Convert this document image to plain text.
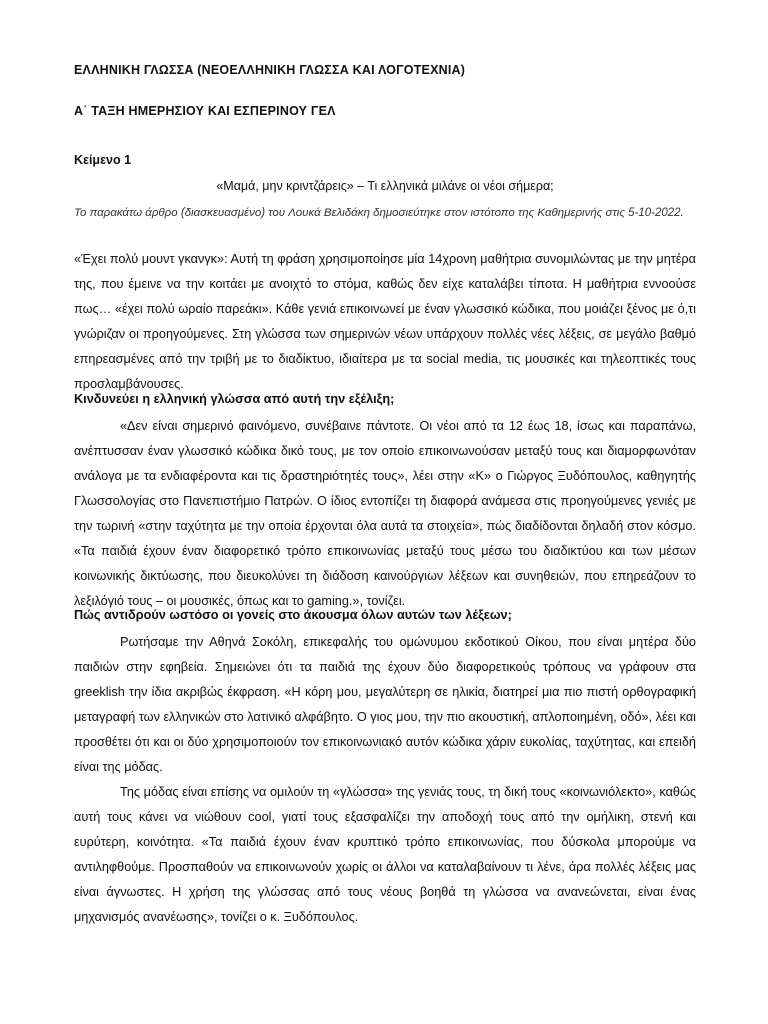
ΕΛΛΗΝΙΚΗ ΓΛΩΣΣΑ (ΝΕΟΕΛΛΗΝΙΚΗ ΓΛΩΣΣΑ ΚΑΙ ΛΟΓΟΤΕΧΝΙΑ)
Α΄ ΤΑΞΗ ΗΜΕΡΗΣΙΟΥ ΚΑΙ ΕΣΠΕΡΙΝΟΥ ΓΕΛ
Κείμενο 1
«Μαμά, μην κριντζάρεις» – Τι ελληνικά μιλάνε οι νέοι σήμερα;
Το παρακάτω άρθρο (διασκευασμένο) του Λουκά Βελιδάκη δημοσιεύτηκε στον ιστότοπο της Καθημερινής στις 5-10-2022.

«Έχει πολύ μουντ γκανγκ»: Αυτή τη φράση χρησιμοποίησε μία 14χρονη μαθήτρια συνομιλώντας με την μητέρα της, που έμεινε να την κοιτάει με ανοιχτό το στόμα, καθώς δεν είχε καταλάβει τίποτα. Η μαθήτρια εννοούσε πως… «έχει πολύ ωραίο παρεάκι». Κάθε γενιά επικοινωνεί με έναν γλωσσικό κώδικα, που μοιάζει ξένος με ό,τι γνώριζαν οι προηγούμενες. Στη γλώσσα των σημερινών νέων υπάρχουν πολλές νέες λέξεις, σε μεγάλο βαθμό επηρεασμένες από την τριβή με το διαδίκτυο, ιδιαίτερα με τα social media, τις μουσικές και τηλεοπτικές τους προσλαμβάνουσες.

Κινδυνεύει η ελληνική γλώσσα από αυτή την εξέλιξη;

«Δεν είναι σημερινό φαινόμενο, συνέβαινε πάντοτε. Οι νέοι από τα 12 έως 18, ίσως και παραπάνω, ανέπτυσσαν έναν γλωσσικό κώδικα δικό τους, με τον οποίο επικοινωνούσαν μεταξύ τους και διαμορφωνόταν ανάλογα με τα ενδιαφέροντα και τις δραστηριότητές τους», λέει στην «Κ» ο Γιώργος Ξυδόπουλος, καθηγητής Γλωσσολογίας στο Πανεπιστήμιο Πατρών. Ο ίδιος εντοπίζει τη διαφορά ανάμεσα στις προηγούμενες γενιές με την τωρινή «στην ταχύτητα με την οποία έρχονται όλα αυτά τα στοιχεία», πώς διαδίδονται δηλαδή στον κόσμο. «Τα παιδιά έχουν έναν διαφορετικό τρόπο επικοινωνίας μεταξύ τους μέσω του διαδικτύου και των μέσων κοινωνικής δικτύωσης, που διευκολύνει τη διάδοση καινούργιων λέξεων και συνηθειών, που επηρεάζουν το λεξιλόγιό τους – οι μουσικές, όπως και το gaming.», τονίζει.

Πώς αντιδρούν ωστόσο οι γονείς στο άκουσμα όλων αυτών των λέξεων;

Ρωτήσαμε την Αθηνά Σοκόλη, επικεφαλής του ομώνυμου εκδοτικού Οίκου, που είναι μητέρα δύο παιδιών στην εφηβεία. Σημειώνει ότι τα παιδιά της έχουν δύο διαφορετικούς τρόπους να γράφουν στα greeklish την ίδια ακριβώς έκφραση. «Η κόρη μου, μεγαλύτερη σε ηλικία, διατηρεί μια πιο πιστή ορθογραφική μεταγραφή των ελληνικών στο λατινικό αλφάβητο. Ο γιος μου, την πιο ακουστική, απλοποιημένη, οδό», λέει και προσθέτει ότι και οι δύο χρησιμοποιούν τον επικοινωνιακό αυτόν κώδικα χάριν ευκολίας, ταχύτητας, και επειδή είναι της μόδας.

Της μόδας είναι επίσης να ομιλούν τη «γλώσσα» της γενιάς τους, τη δική τους «κοινωνιόλεκτο», καθώς αυτή τους κάνει να νιώθουν cool, γιατί τους εξασφαλίζει την αποδοχή τους από την ομήλικη, στενή και ευρύτερη, κοινότητα. «Τα παιδιά έχουν έναν κρυπτικό τρόπο επικοινωνίας, που δύσκολα μπορούμε να αντιληφθούμε. Προσπαθούν να επικοινωνούν χωρίς οι άλλοι να καταλαβαίνουν τι λένε, άρα πολλές λέξεις μας είναι άγνωστες. Η χρήση της γλώσσας από τους νέους βοηθά τη γλώσσα να ανανεώνεται, είναι ένας μηχανισμός ανανέωσης», τονίζει ο κ. Ξυδόπουλος.
